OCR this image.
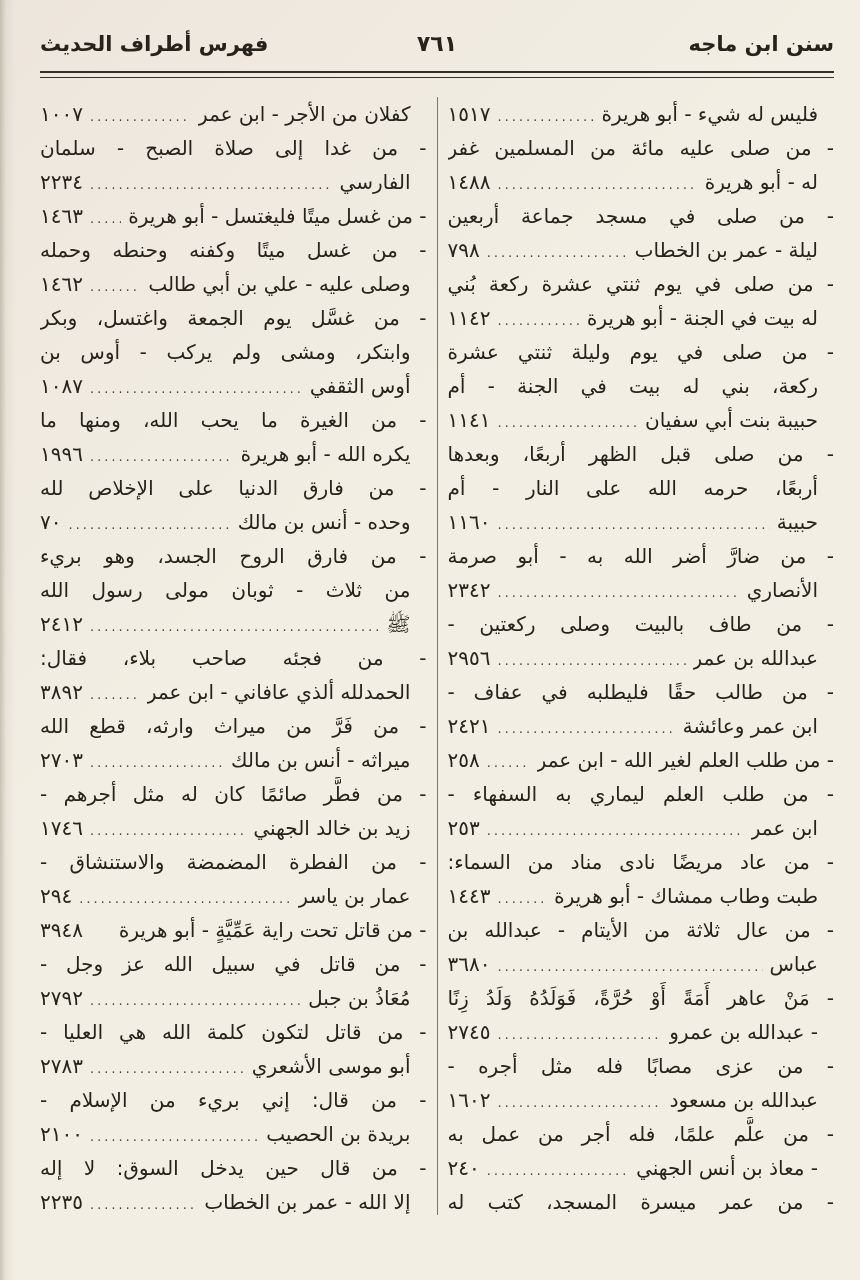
سنن ابن ماجه
٧٦١
فهرس أطراف الحديث
فليس له شيء - أبو هريرة
.....
١٥١٧
- من صلى عليه مائة من المسلمين غفر
له - أبو هريرة
.....
١٤٨٨
- من صلى في مسجد جماعة أربعين
ليلة - عمر بن الخطاب
.....
٧٩٨
- من صلى في يوم ثنتي عشرة ركعة بُني
له بيت في الجنة - أبو هريرة
.....
١١٤٢
- من صلى في يوم وليلة ثنتي عشرة
ركعة، بني له بيت في الجنة - أم
حبيبة بنت أبي سفيان
.....
١١٤١
- من صلى قبل الظهر أربعًا، وبعدها
أربعًا، حرمه الله على النار - أم
حبيبة
.....
١١٦٠
- من ضارَّ أضر الله به - أبو صرمة
الأنصاري
.....
٢٣٤٢
- من طاف بالبيت وصلى ركعتين -
عبدالله بن عمر
.....
٢٩٥٦
- من طالب حقًا فليطلبه في عفاف -
ابن عمر وعائشة
.....
٢٤٢١
- من طلب العلم لغير الله - ابن عمر
.....
٢٥٨
- من طلب العلم ليماري به السفهاء -
ابن عمر
.....
٢٥٣
- من عاد مريضًا نادى مناد من السماء:
طبت وطاب ممشاك - أبو هريرة
.....
١٤٤٣
- من عال ثلاثة من الأيتام - عبدالله بن
عباس
.....
٣٦٨٠
- مَنْ عاهر أَمَةً أَوْ حُرَّةً، فَوَلَدُهُ وَلَدُ زِنًا
- عبدالله بن عمرو
.....
٢٧٤٥
- من عزى مصابًا فله مثل أجره -
عبدالله بن مسعود
.....
١٦٠٢
- من علَّم علمًا، فله أجر من عمل به
- معاذ بن أنس الجهني
.....
٢٤٠
- من عمر ميسرة المسجد، كتب له
كفلان من الأجر - ابن عمر
.....
١٠٠٧
- من غدا إلى صلاة الصبح - سلمان
الفارسي
.....
٢٢٣٤
- من غسل ميتًا فليغتسل - أبو هريرة
.....
١٤٦٣
- من غسل ميتًا وكفنه وحنطه وحمله
وصلى عليه - علي بن أبي طالب
.....
١٤٦٢
- من غسَّل يوم الجمعة واغتسل، وبكر
وابتكر، ومشى ولم يركب - أوس بن
أوس الثقفي
.....
١٠٨٧
- من الغيرة ما يحب الله، ومنها ما
يكره الله - أبو هريرة
.....
١٩٩٦
- من فارق الدنيا على الإخلاص لله
وحده - أنس بن مالك
.....
٧٠
- من فارق الروح الجسد، وهو بريء
من ثلاث - ثوبان مولى رسول الله
ﷺ
.....
٢٤١٢
- من فجئه صاحب بلاء، فقال:
الحمدلله ألذي عافاني - ابن عمر
.....
٣٨٩٢
- من فَرَّ من ميراث وارثه، قطع الله
ميراثه - أنس بن مالك
.....
٢٧٠٣
- من فطَّر صائمًا كان له مثل أجرهم -
زيد بن خالد الجهني
.....
١٧٤٦
- من الفطرة المضمضة والاستنشاق -
عمار بن ياسر
.....
٢٩٤
- من قاتل تحت راية عَمِّيَّةٍ - أبو هريرة
٣٩٤٨
- من قاتل في سبيل الله عز وجل -
مُعَاذُ بن جبل
.....
٢٧٩٢
- من قاتل لتكون كلمة الله هي العليا -
أبو موسى الأشعري
.....
٢٧٨٣
- من قال: إني بريء من الإسلام -
بريدة بن الحصيب
.....
٢١٠٠
- من قال حين يدخل السوق: لا إله
إلا الله - عمر بن الخطاب
.....
٢٢٣٥
